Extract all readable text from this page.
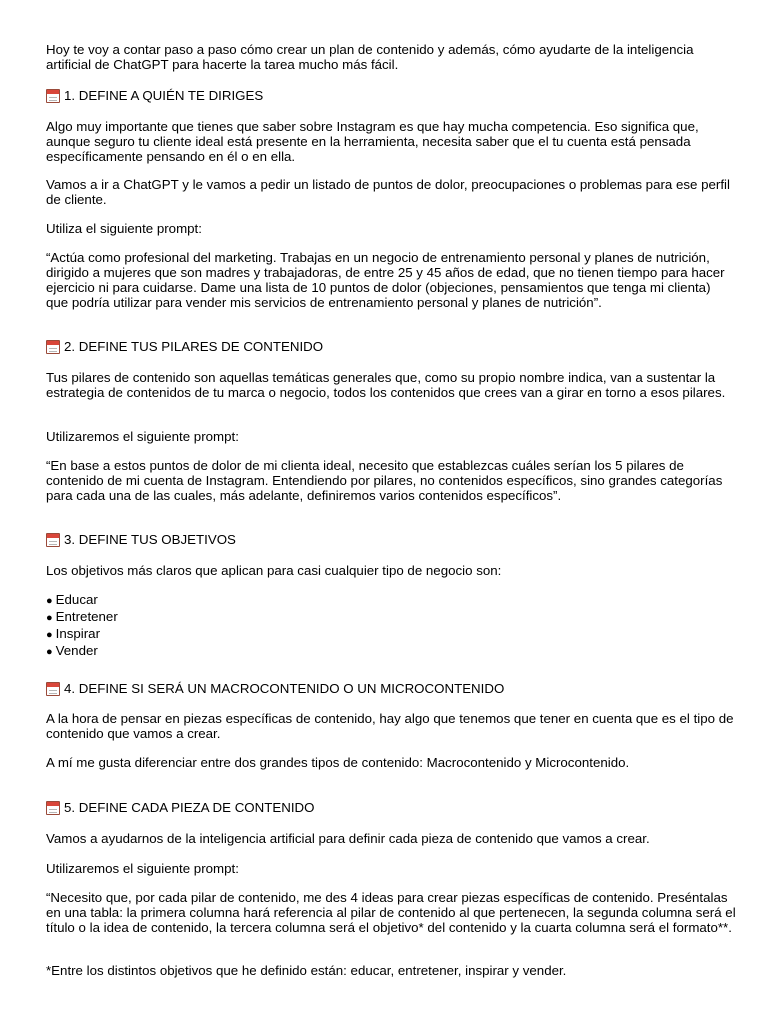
Hoy te voy a contar paso a paso cómo crear un plan de contenido y además, cómo ayudarte de la inteligencia artificial de ChatGPT para hacerte la tarea mucho más fácil.

1. DEFINE A QUIÉN TE DIRIGES

Algo muy importante que tienes que saber sobre Instagram es que hay mucha competencia. Eso significa que, aunque seguro tu cliente ideal está presente en la herramienta, necesita saber que el tu cuenta está pensada específicamente pensando en él o en ella.

Vamos a ir a ChatGPT y le vamos a pedir un listado de puntos de dolor, preocupaciones o problemas para ese perfil de cliente.

Utiliza el siguiente prompt:

“Actúa como profesional del marketing. Trabajas en un negocio de entrenamiento personal y planes de nutrición, dirigido a mujeres que son madres y trabajadoras, de entre 25 y 45 años de edad, que no tienen tiempo para hacer ejercicio ni para cuidarse. Dame una lista de 10 puntos de dolor (objeciones, pensamientos que tenga mi clienta) que podría utilizar para vender mis servicios de entrenamiento personal y planes de nutrición”.

2. DEFINE TUS PILARES DE CONTENIDO

Tus pilares de contenido son aquellas temáticas generales que, como su propio nombre indica, van a sustentar la estrategia de contenidos de tu marca o negocio, todos los contenidos que crees van a girar en torno a esos pilares.

Utilizaremos el siguiente prompt:

“En base a estos puntos de dolor de mi clienta ideal, necesito que establezcas cuáles serían los 5 pilares de contenido de mi cuenta de Instagram. Entendiendo por pilares, no contenidos específicos, sino grandes categorías para cada una de las cuales, más adelante, definiremos varios contenidos específicos”.

3. DEFINE TUS OBJETIVOS

Los objetivos más claros que aplican para casi cualquier tipo de negocio son:

● Educar
● Entretener
● Inspirar
● Vender
4. DEFINE SI SERÁ UN MACROCONTENIDO O UN MICROCONTENIDO

A la hora de pensar en piezas específicas de contenido, hay algo que tenemos que tener en cuenta que es el tipo de contenido que vamos a crear.

A mí me gusta diferenciar entre dos grandes tipos de contenido: Macrocontenido y Microcontenido.

5. DEFINE CADA PIEZA DE CONTENIDO

Vamos a ayudarnos de la inteligencia artificial para definir cada pieza de contenido que vamos a crear.

Utilizaremos el siguiente prompt:

“Necesito que, por cada pilar de contenido, me des 4 ideas para crear piezas específicas de contenido. Preséntalas en una tabla: la primera columna hará referencia al pilar de contenido al que pertenecen, la segunda columna será el título o la idea de contenido, la tercera columna será el objetivo* del contenido y la cuarta columna será el formato**.

*Entre los distintos objetivos que he definido están: educar, entretener, inspirar y vender.
